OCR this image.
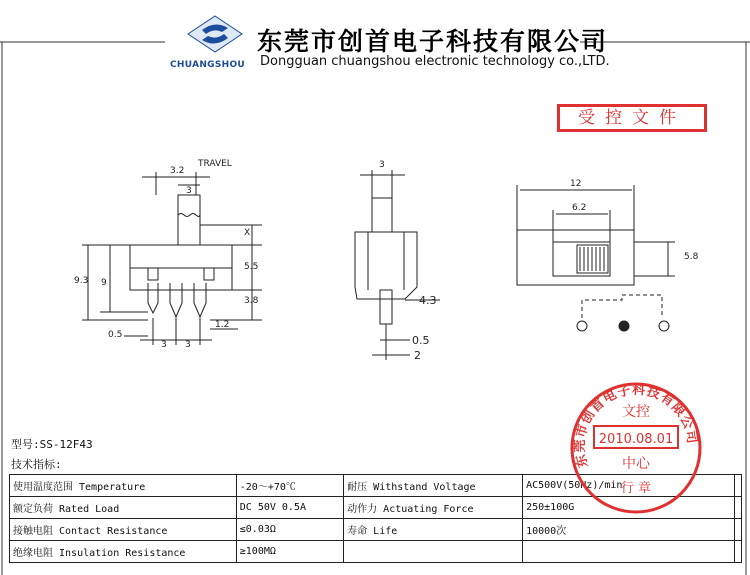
TRAVEL
3.2
3
X
5.5
3.8
9.3 9
0.5
1.2
3 3
3
4.3
0.5
2
12
6.2
5.8
CHUANGSHOU
东莞市创首电子科技有限公司
Dongguan chuangshou electronic technology co.,LTD.
受控文件
型号:SS-12F43
技术指标:
使用温度范围 Temperature	-20～+70℃	耐压 Withstand Voltage	AC500V(50Hz)/min	
额定负荷 Rated Load	DC 50V 0.5A	动作力 Actuating Force	250±100G	
接触电阻 Contact Resistance	≤0.03Ω	寿命 Life	10000次	
绝缘电阻 Insulation Resistance	≥100MΩ			
东莞市创首电子科技有限公司
文控
2010.08.01
中心
行 章
